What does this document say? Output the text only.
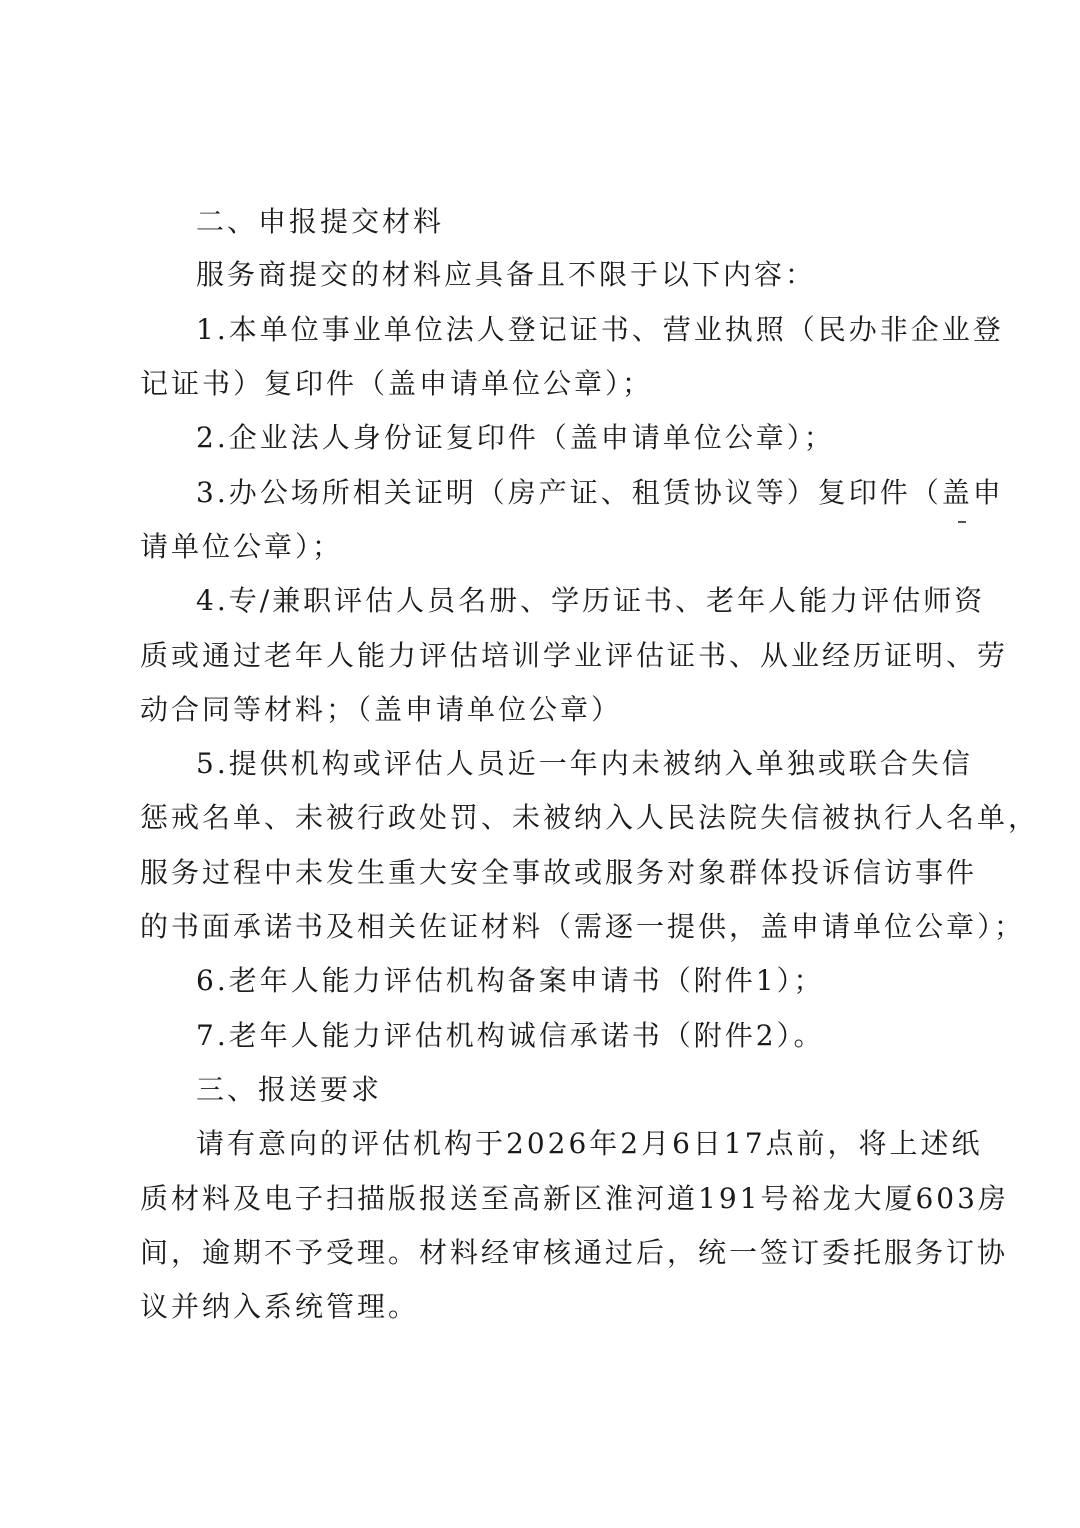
二、申报提交材料
服务商提交的材料应具备且不限于以下内容：
1.本单位事业单位法人登记证书、营业执照（民办非企业登
记证书）复印件（盖申请单位公章）；
2.企业法人身份证复印件（盖申请单位公章）；
3.办公场所相关证明（房产证、租赁协议等）复印件（盖申
请单位公章）；
4.专/兼职评估人员名册、学历证书、老年人能力评估师资
质或通过老年人能力评估培训学业评估证书、从业经历证明、劳
动合同等材料；（盖申请单位公章）
5.提供机构或评估人员近一年内未被纳入单独或联合失信
惩戒名单、未被行政处罚、未被纳入人民法院失信被执行人名单，
服务过程中未发生重大安全事故或服务对象群体投诉信访事件
的书面承诺书及相关佐证材料（需逐一提供，盖申请单位公章）；
6.老年人能力评估机构备案申请书（附件1）；
7.老年人能力评估机构诚信承诺书（附件2）。
三、报送要求
请有意向的评估机构于2026年2月6日17点前，将上述纸
质材料及电子扫描版报送至高新区淮河道191号裕龙大厦603房
间，逾期不予受理。材料经审核通过后，统一签订委托服务订协
议并纳入系统管理。
